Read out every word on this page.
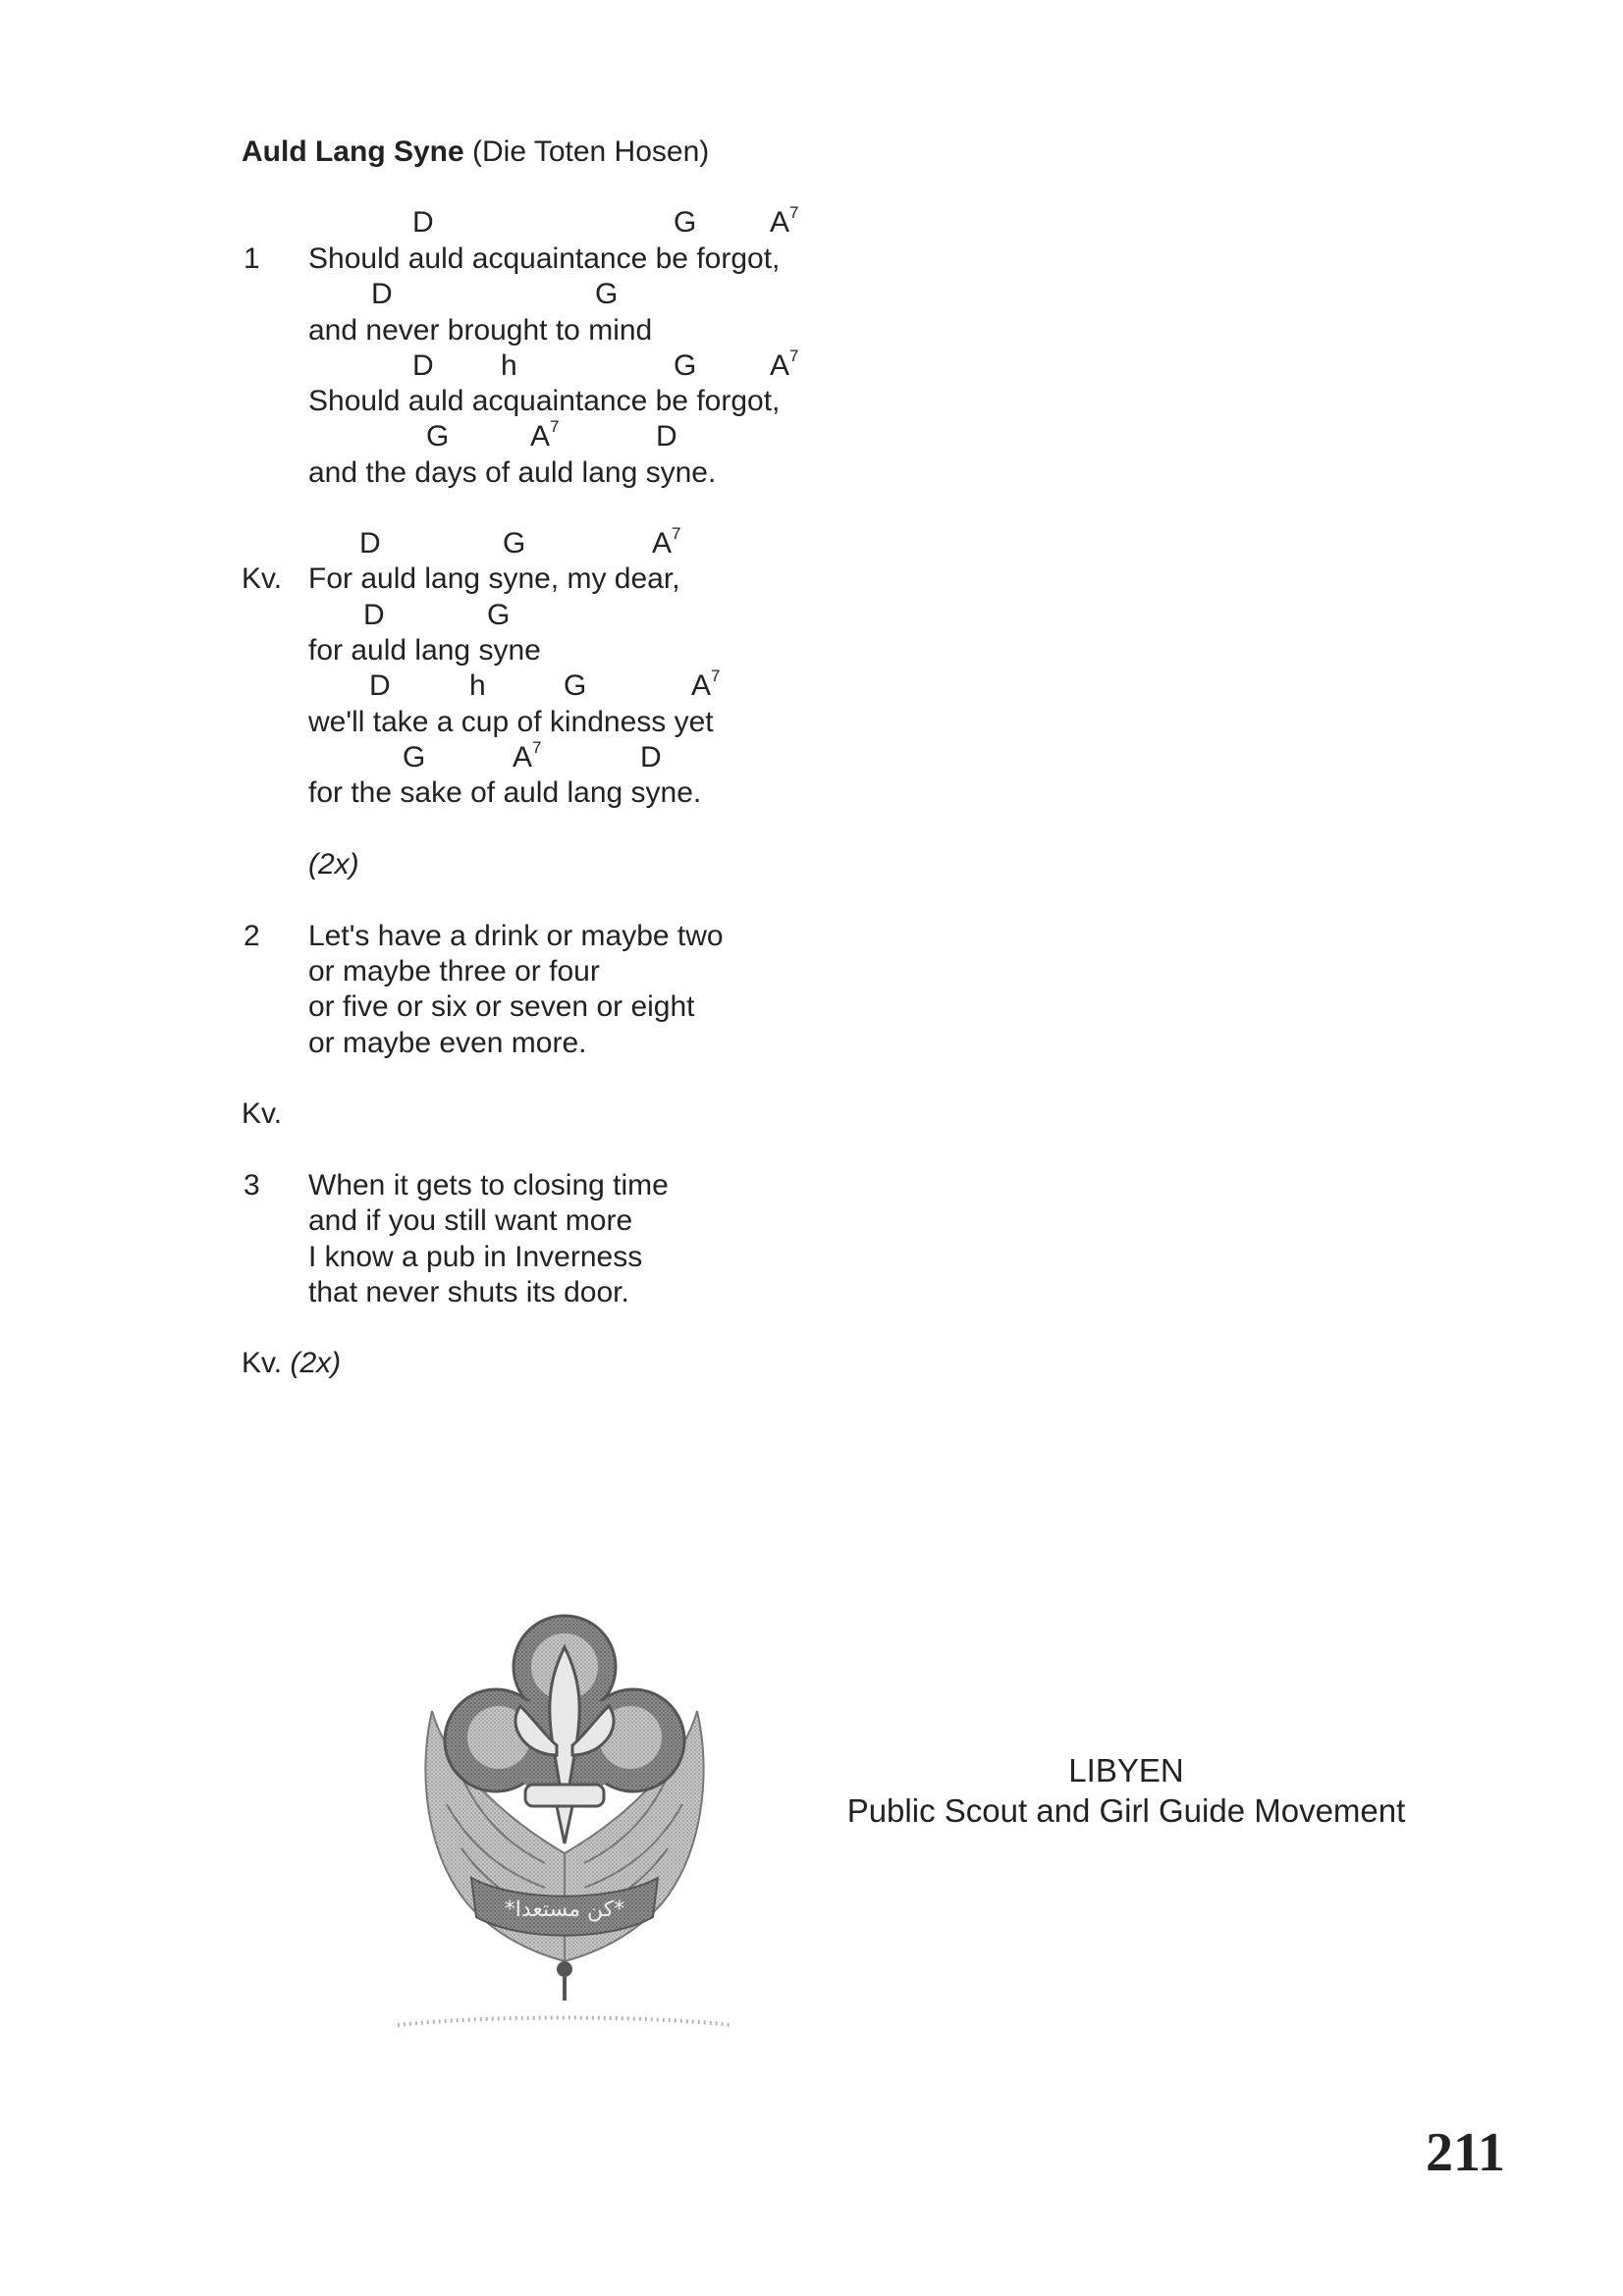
Auld Lang Syne (Die Toten Hosen)
D	G $A^7$
1 Should auld acquaintance be forgot,
D	G
and never brought to mind
D h	G $A^7$
Should auld acquaintance be forgot,
G	$A^7$	D
and the days of auld lang syne.
D	G	$A^7$
Kv. For auld lang syne, my dear,
D	G
for auld lang syne
D	h	G	$A^7$
we'll take a cup of kindness yet
G	$A^7$	D
for the sake of auld lang syne.
(2x)
2 Let's have a drink or maybe two
or maybe three or four
or five or six or seven or eight
or maybe even more.
Kv.
3 When it gets to closing time
and if you still want more
I know a pub in Inverness
that never shuts its door.
Kv. (2x)
*كن مستعدا*
LIBYEN
Public Scout and Girl Guide Movement
211
